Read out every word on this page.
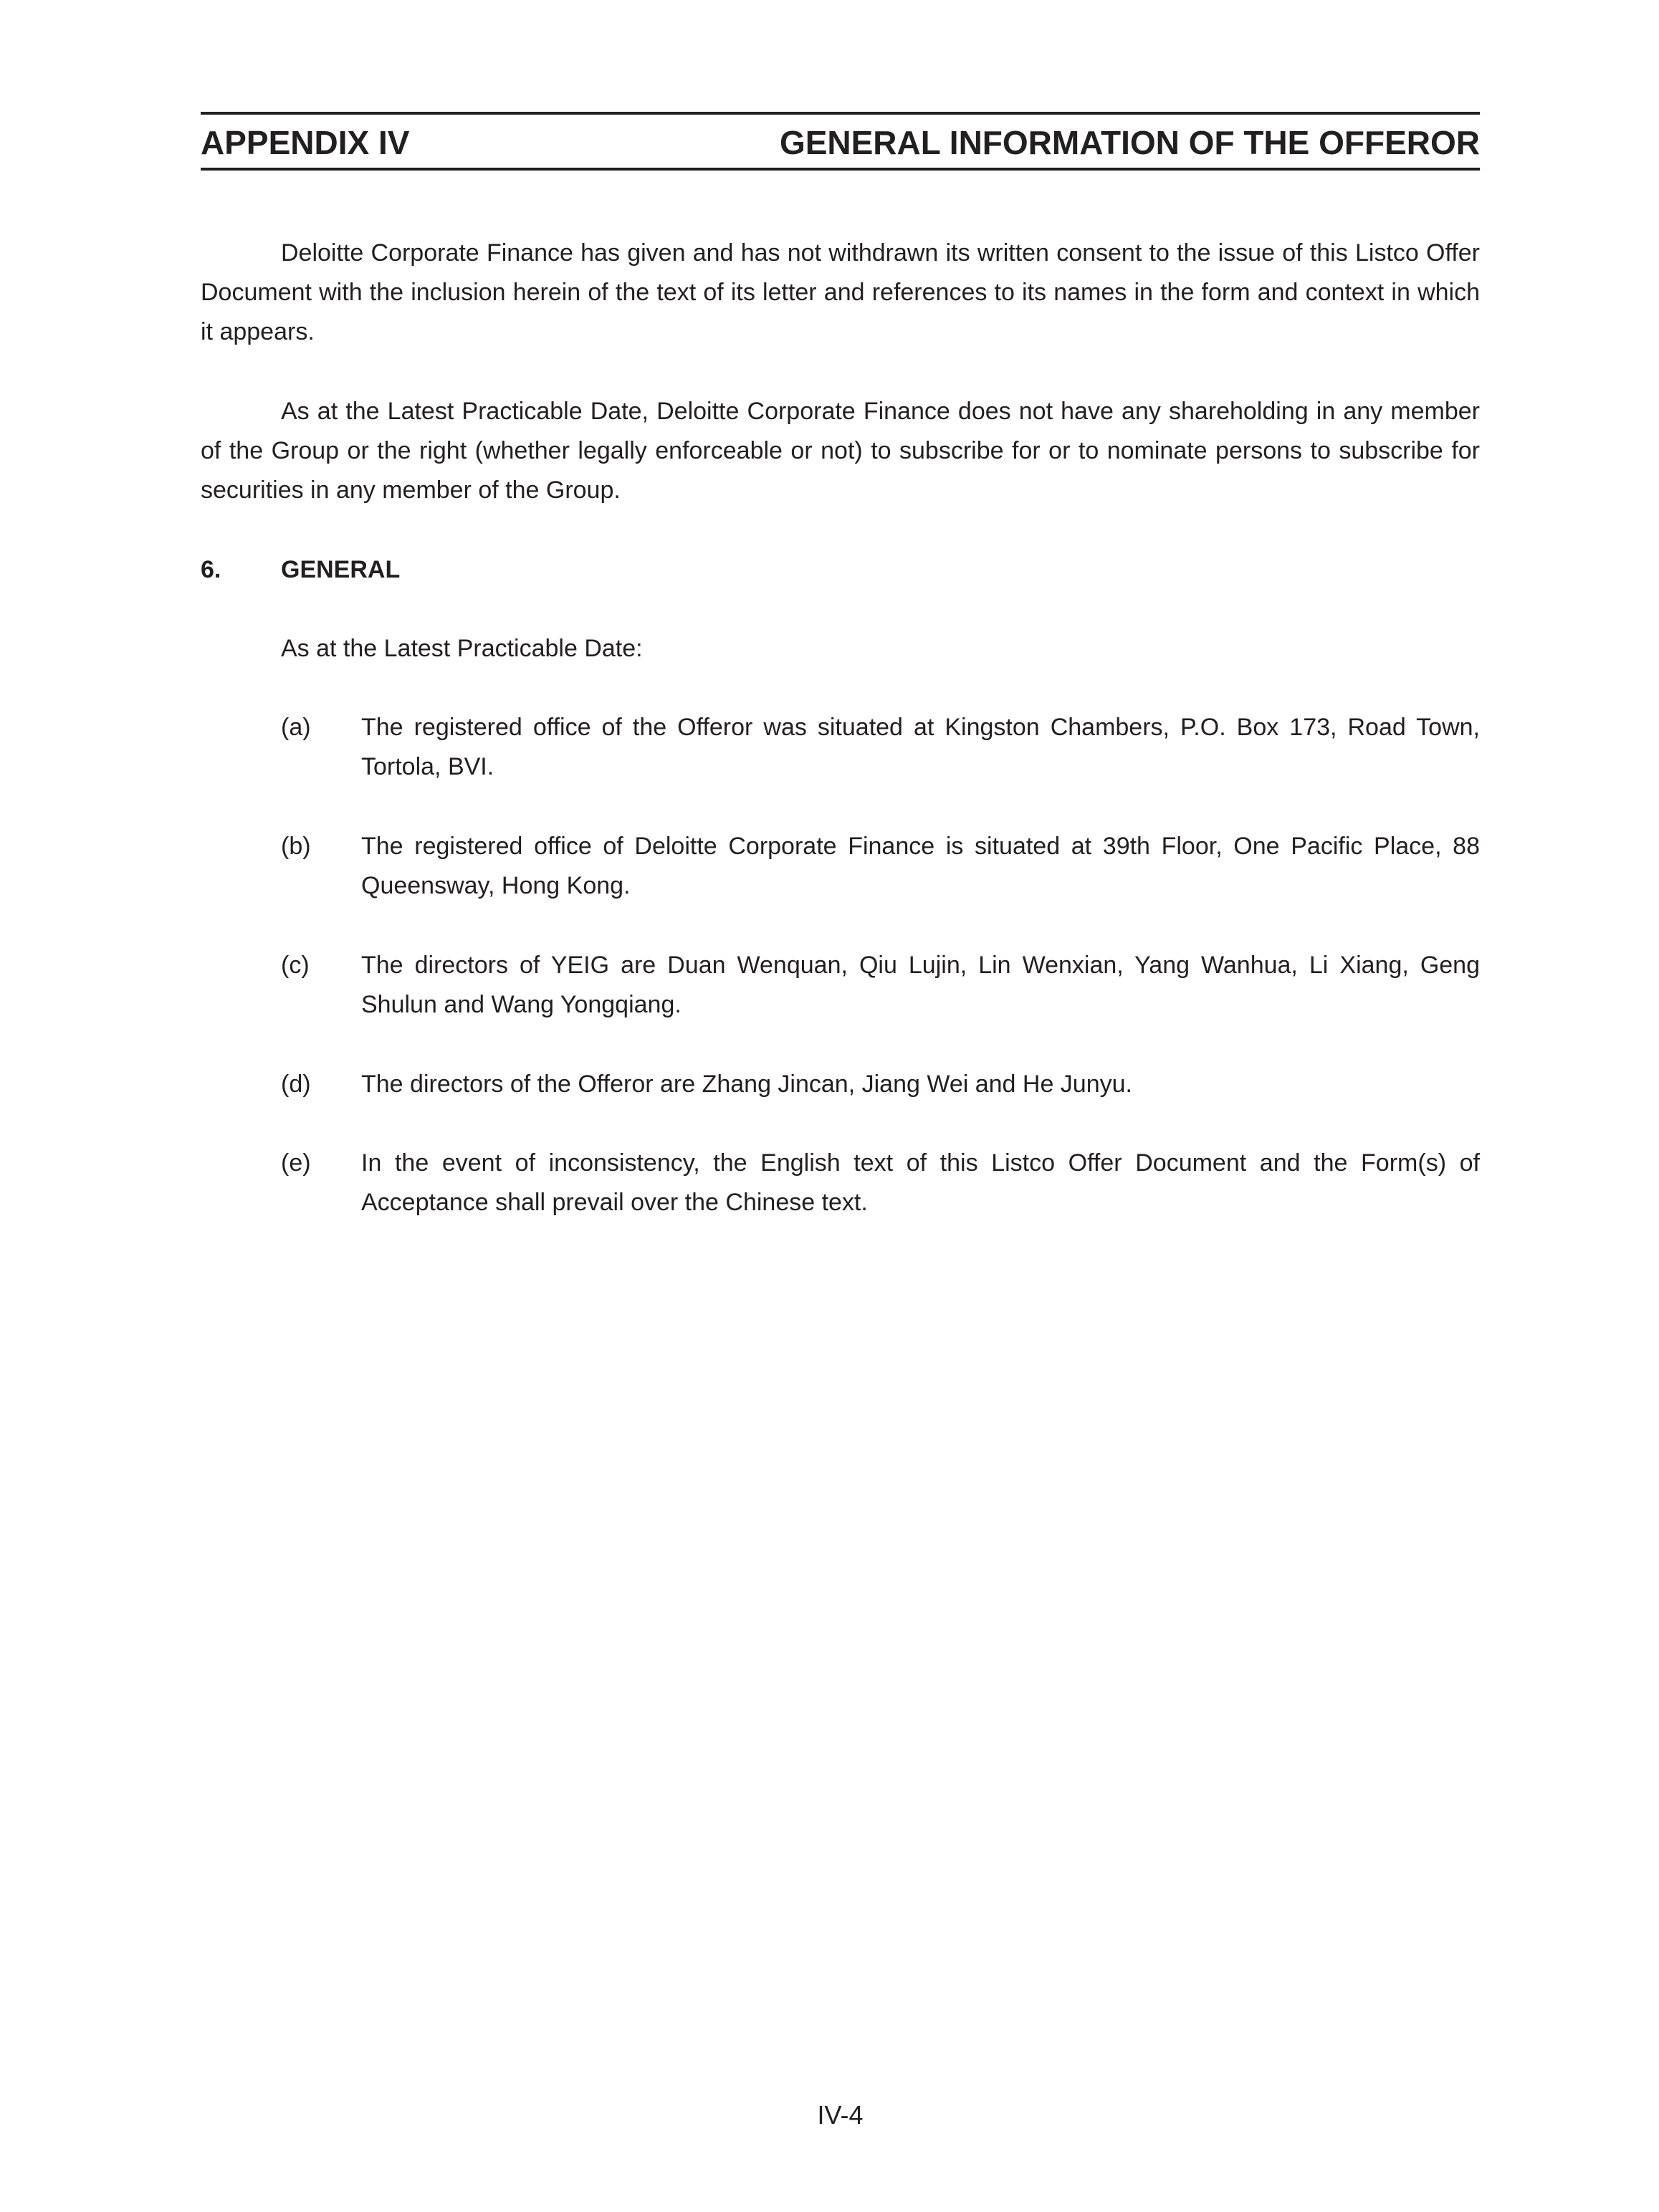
APPENDIX IV	GENERAL INFORMATION OF THE OFFEROR

Deloitte Corporate Finance has given and has not withdrawn its written consent to the issue of this Listco Offer Document with the inclusion herein of the text of its letter and references to its names in the form and context in which it appears.

As at the Latest Practicable Date, Deloitte Corporate Finance does not have any shareholding in any member of the Group or the right (whether legally enforceable or not) to subscribe for or to nominate persons to subscribe for securities in any member of the Group.

6. GENERAL
As at the Latest Practicable Date:
(a)	The registered office of the Offeror was situated at Kingston Chambers, P.O. Box 173, Road Town, Tortola, BVI.
(b)	The registered office of Deloitte Corporate Finance is situated at 39th Floor, One Pacific Place, 88 Queensway, Hong Kong.
(c)	The directors of YEIG are Duan Wenquan, Qiu Lujin, Lin Wenxian, Yang Wanhua, Li Xiang, Geng Shulun and Wang Yongqiang.
(d)	The directors of the Offeror are Zhang Jincan, Jiang Wei and He Junyu.
(e)	In the event of inconsistency, the English text of this Listco Offer Document and the Form(s) of Acceptance shall prevail over the Chinese text.
IV-4
